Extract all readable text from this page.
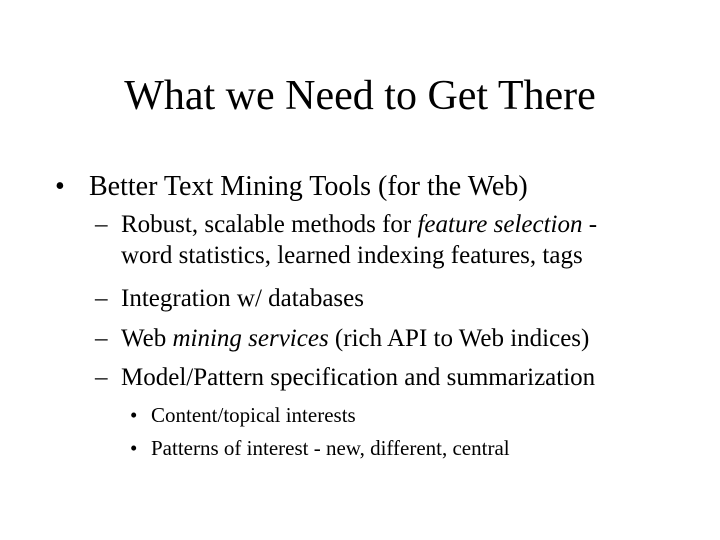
What we Need to Get There
• Better Text Mining Tools (for the Web)
– Robust, scalable methods for feature selection -
word statistics, learned indexing features, tags
– Integration w/ databases
– Web mining services (rich API to Web indices)
– Model/Pattern specification and summarization
• Content/topical interests
• Patterns of interest - new, different, central
